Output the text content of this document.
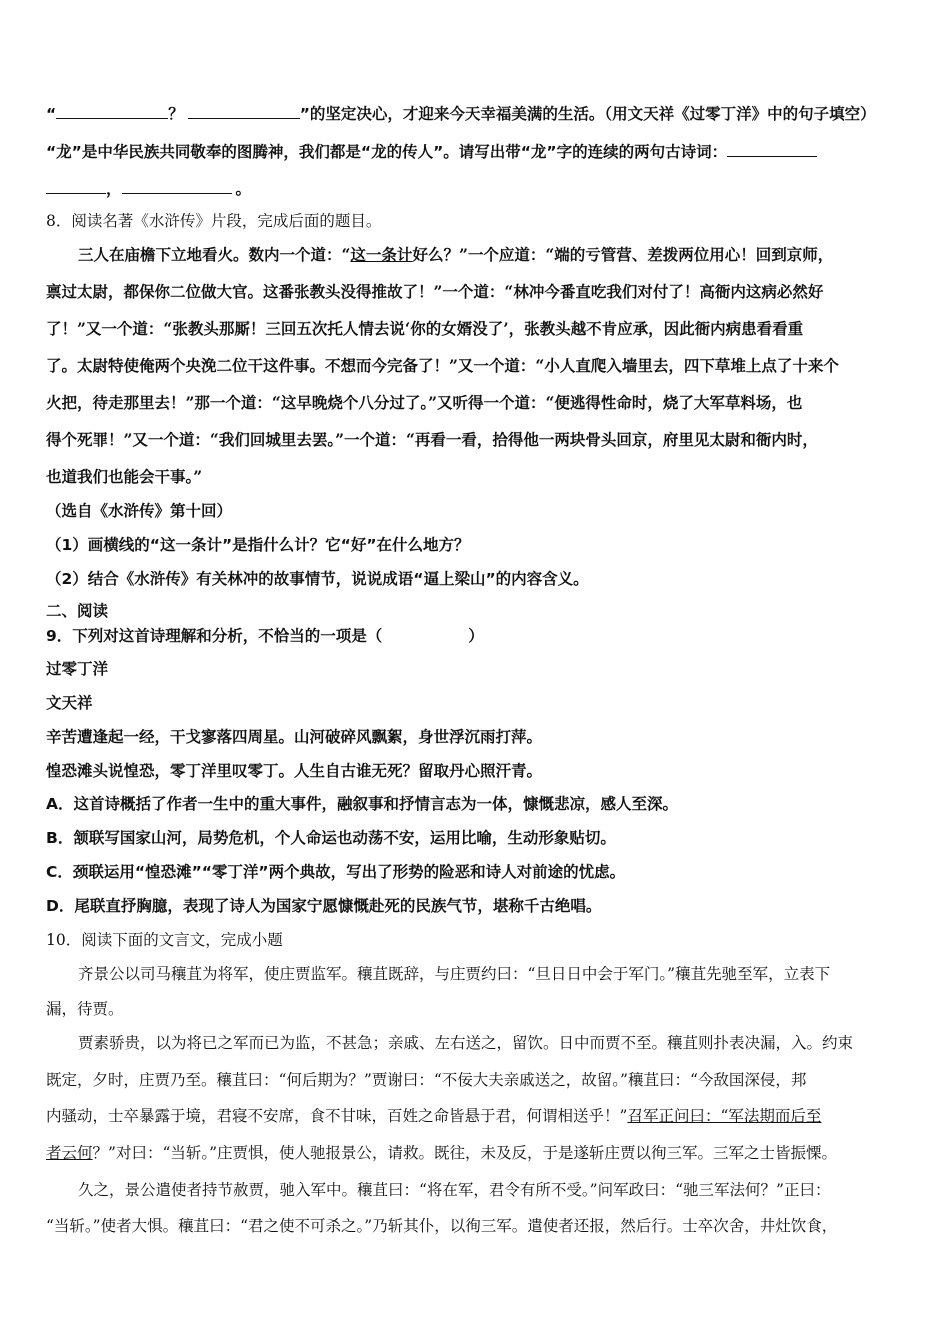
“	？	”的坚定决心，才迎来今天幸福美满的生活。（用文天祥《过零丁洋》中的句子填空）
“龙”是中华民族共同敬奉的图腾神，我们都是“龙的传人”。请写出带“龙”字的连续的两句古诗词：
，	。
8．阅读名著《水浒传》片段，完成后面的题目。
三人在庙檐下立地看火。数内一个道：“这一条计好么？”一个应道：“端的亏管营、差拨两位用心！回到京师，
禀过太尉，都保你二位做大官。这番张教头没得推故了！”一个道：“林冲今番直吃我们对付了！高衙内这病必然好
了！”又一个道：“张教头那厮！三回五次托人情去说‘你的女婿没了’，张教头越不肯应承，因此衙内病患看看重
了。太尉特使俺两个央浼二位干这件事。不想而今完备了！”又一个道：“小人直爬入墙里去，四下草堆上点了十来个
火把，待走那里去！”那一个道：“这早晚烧个八分过了。”又听得一个道：“便逃得性命时，烧了大军草料场，也
得个死罪！”又一个道：“我们回城里去罢。”一个道：“再看一看，拾得他一两块骨头回京，府里见太尉和衙内时，
也道我们也能会干事。”
（选自《水浒传》第十回）
（1）画横线的“这一条计”是指什么计？它“好”在什么地方？
（2）结合《水浒传》有关林冲的故事情节，说说成语“逼上梁山”的内容含义。
二、阅读
9．下列对这首诗理解和分析，不恰当的一项是（	）
过零丁洋
文天祥
辛苦遭逢起一经，干戈寥落四周星。山河破碎风飘絮，身世浮沉雨打萍。
惶恐滩头说惶恐，零丁洋里叹零丁。人生自古谁无死？留取丹心照汗青。
A．这首诗概括了作者一生中的重大事件，融叙事和抒情言志为一体，慷慨悲凉，感人至深。
B．颔联写国家山河，局势危机，个人命运也动荡不安，运用比喻，生动形象贴切。
C．颈联运用“惶恐滩”“零丁洋”两个典故，写出了形势的险恶和诗人对前途的忧虑。
D．尾联直抒胸臆，表现了诗人为国家宁愿慷慨赴死的民族气节，堪称千古绝唱。
10．阅读下面的文言文，完成小题
齐景公以司马穰苴为将军，使庄贾监军。穰苴既辞，与庄贾约曰：“旦日日中会于军门。”穰苴先驰至军，立表下
漏，待贾。
贾素骄贵，以为将已之军而已为监，不甚急；亲戚、左右送之，留饮。日中而贾不至。穰苴则扑表决漏，入。约束
既定，夕时，庄贾乃至。穰苴曰：“何后期为？”贾谢曰：“不佞大夫亲戚送之，故留。”穰苴曰：“今敌国深侵，邦
内骚动，士卒暴露于境，君寝不安席，食不甘味，百姓之命皆悬于君，何谓相送乎！”召军正问曰：“军法期而后至
者云何？”对曰：“当斩。”庄贾惧，使人驰报景公，请救。既往，未及反，于是遂斩庄贾以徇三军。三军之士皆振慄。
久之，景公遣使者持节赦贾，驰入军中。穰苴曰：“将在军，君令有所不受。”问军政曰：“驰三军法何？”正曰：
“当斩。”使者大惧。穰苴曰：“君之使不可杀之。”乃斩其仆，以徇三军。遣使者还报，然后行。士卒次舍，井灶饮食，
